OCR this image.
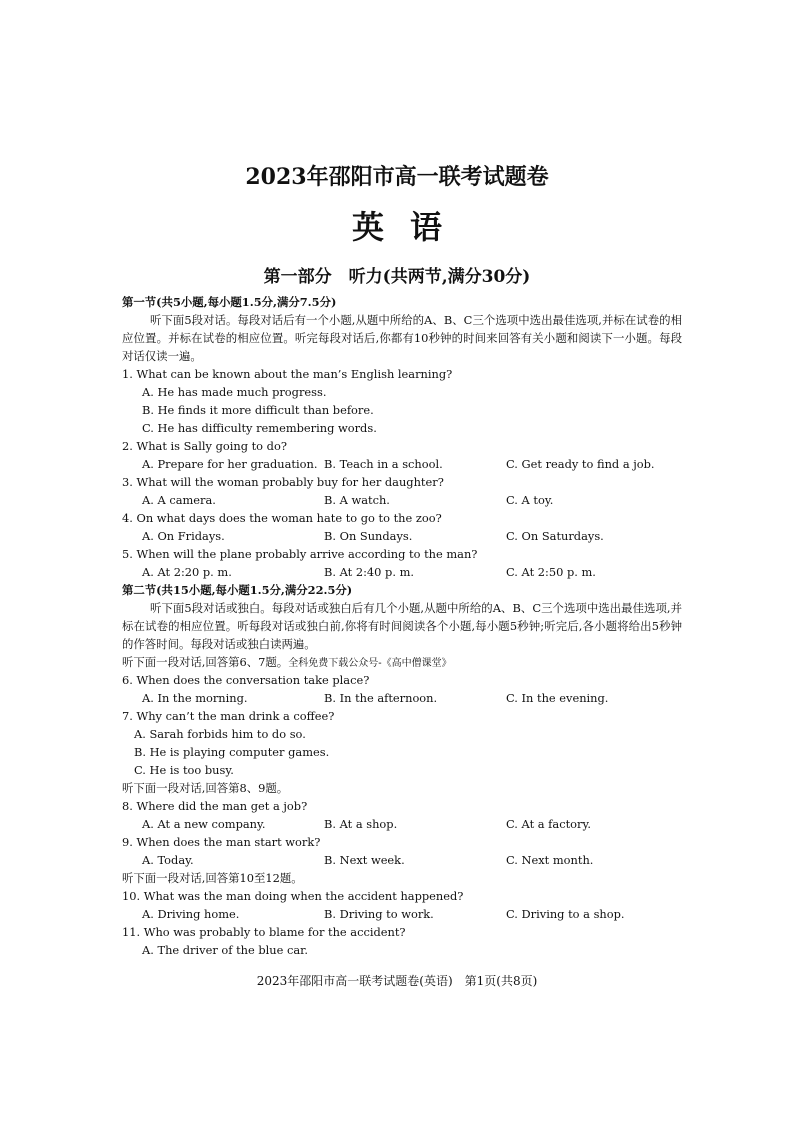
2023年邵阳市高一联考试题卷
英语
第一部分　听力(共两节,满分30分)
第一节(共5小题,每小题1.5分,满分7.5分)
听下面5段对话。每段对话后有一个小题,从题中所给的A、B、C三个选项中选出最佳选项,并标在试卷的相应位置。并标在试卷的相应位置。听完每段对话后,你都有10秒钟的时间来回答有关小题和阅读下一小题。每段对话仅读一遍。
1. What can be known about the man’s English learning?
A. He has made much progress.
B. He finds it more difficult than before.
C. He has difficulty remembering words.
2. What is Sally going to do?
A. Prepare for her graduation. B. Teach in a school.	C. Get ready to find a job.
3. What will the woman probably buy for her daughter?
A. A camera.	B. A watch.	C. A toy.
4. On what days does the woman hate to go to the zoo?
A. On Fridays.	B. On Sundays.	C. On Saturdays.
5. When will the plane probably arrive according to the man?
A. At 2:20 p. m.	B. At 2:40 p. m.	C. At 2:50 p. m.
第二节(共15小题,每小题1.5分,满分22.5分)
听下面5段对话或独白。每段对话或独白后有几个小题,从题中所给的A、B、C三个选项中选出最佳选项,并标在试卷的相应位置。听每段对话或独白前,你将有时间阅读各个小题,每小题5秒钟;听完后,各小题将给出5秒钟的作答时间。每段对话或独白读两遍。
听下面一段对话,回答第6、7题。全科免费下载公众号-《高中僧课堂》
6. When does the conversation take place?
A. In the morning.	B. In the afternoon.	C. In the evening.
7. Why can’t the man drink a coffee?
A. Sarah forbids him to do so.
B. He is playing computer games.
C. He is too busy.
听下面一段对话,回答第8、9题。
8. Where did the man get a job?
A. At a new company.	B. At a shop.	C. At a factory.
9. When does the man start work?
A. Today.	B. Next week.	C. Next month.
听下面一段对话,回答第10至12题。
10. What was the man doing when the accident happened?
A. Driving home.	B. Driving to work.	C. Driving to a shop.
11. Who was probably to blame for the accident?
A. The driver of the blue car.
2023年邵阳市高一联考试题卷(英语)　第1页(共8页)
